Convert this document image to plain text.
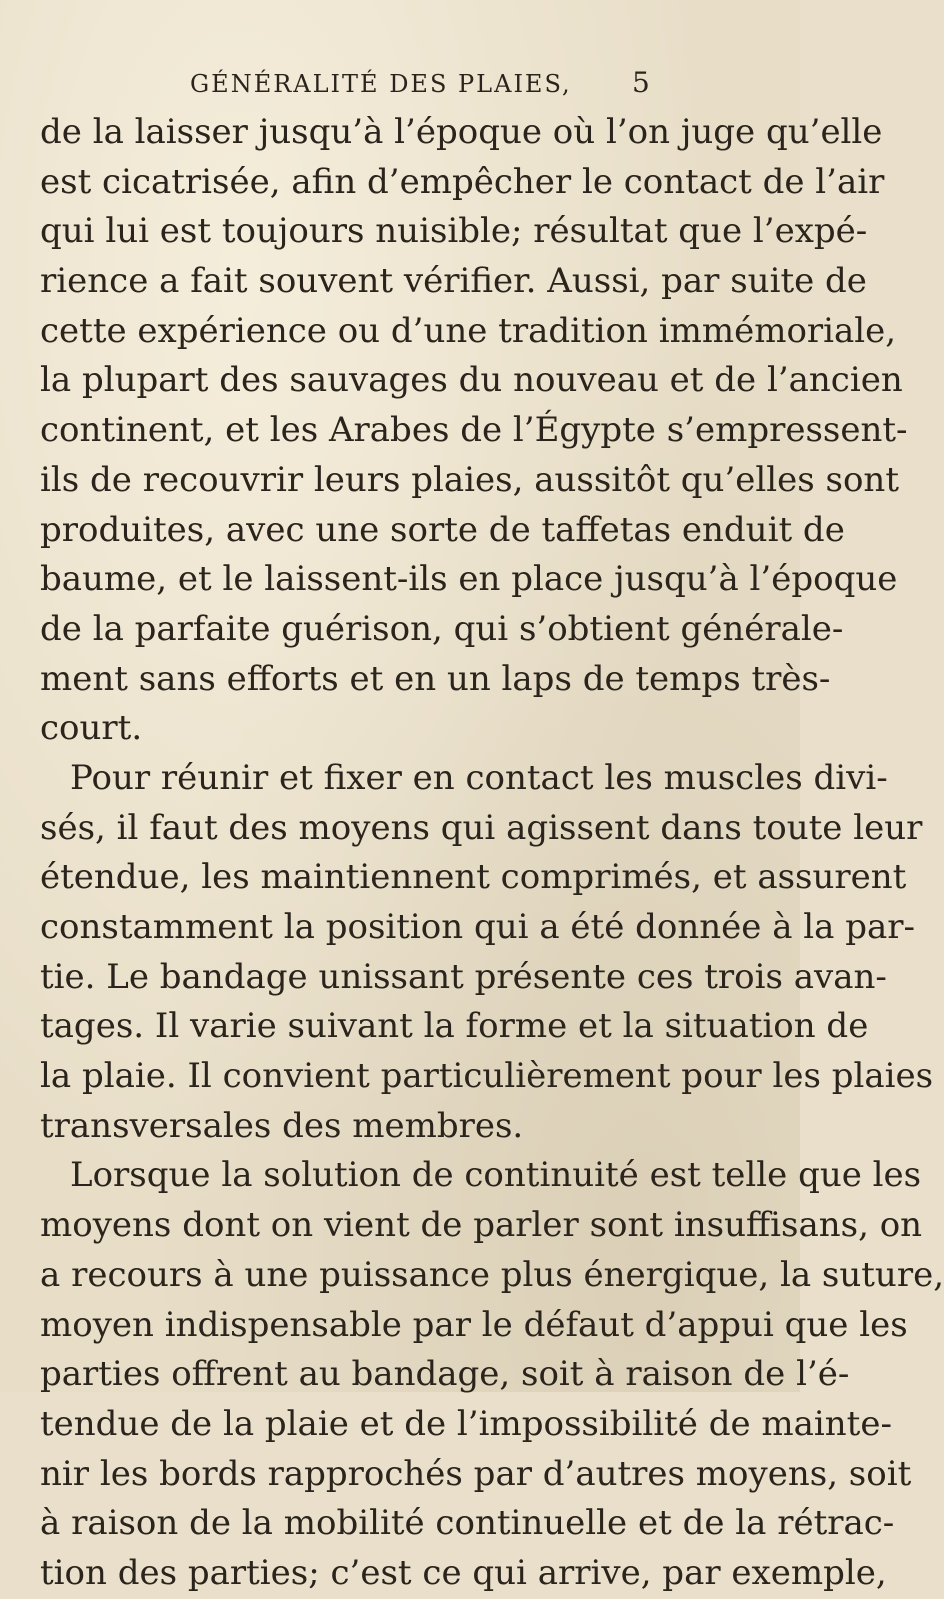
GÉNÉRALITÉ DES PLAIES,	5
de la laisser jusqu’à l’époque où l’on juge qu’elle
est cicatrisée, afin d’empêcher le contact de l’air
qui lui est toujours nuisible; résultat que l’expé-
rience a fait souvent vérifier. Aussi, par suite de
cette expérience ou d’une tradition immémoriale,
la plupart des sauvages du nouveau et de l’ancien
continent, et les Arabes de l’Égypte s’empressent-
ils de recouvrir leurs plaies, aussitôt qu’elles sont
produites, avec une sorte de taffetas enduit de
baume, et le laissent-ils en place jusqu’à l’époque
de la parfaite guérison, qui s’obtient générale-
ment sans efforts et en un laps de temps très-
court.
Pour réunir et fixer en contact les muscles divi-
sés, il faut des moyens qui agissent dans toute leur
étendue, les maintiennent comprimés, et assurent
constamment la position qui a été donnée à la par-
tie. Le bandage unissant présente ces trois avan-
tages. Il varie suivant la forme et la situation de
la plaie. Il convient particulièrement pour les plaies
transversales des membres.
Lorsque la solution de continuité est telle que les
moyens dont on vient de parler sont insuffisans, on
a recours à une puissance plus énergique, la suture,
moyen indispensable par le défaut d’appui que les
parties offrent au bandage, soit à raison de l’é-
tendue de la plaie et de l’impossibilité de mainte-
nir les bords rapprochés par d’autres moyens, soit
à raison de la mobilité continuelle et de la rétrac-
tion des parties; c’est ce qui arrive, par exemple,
